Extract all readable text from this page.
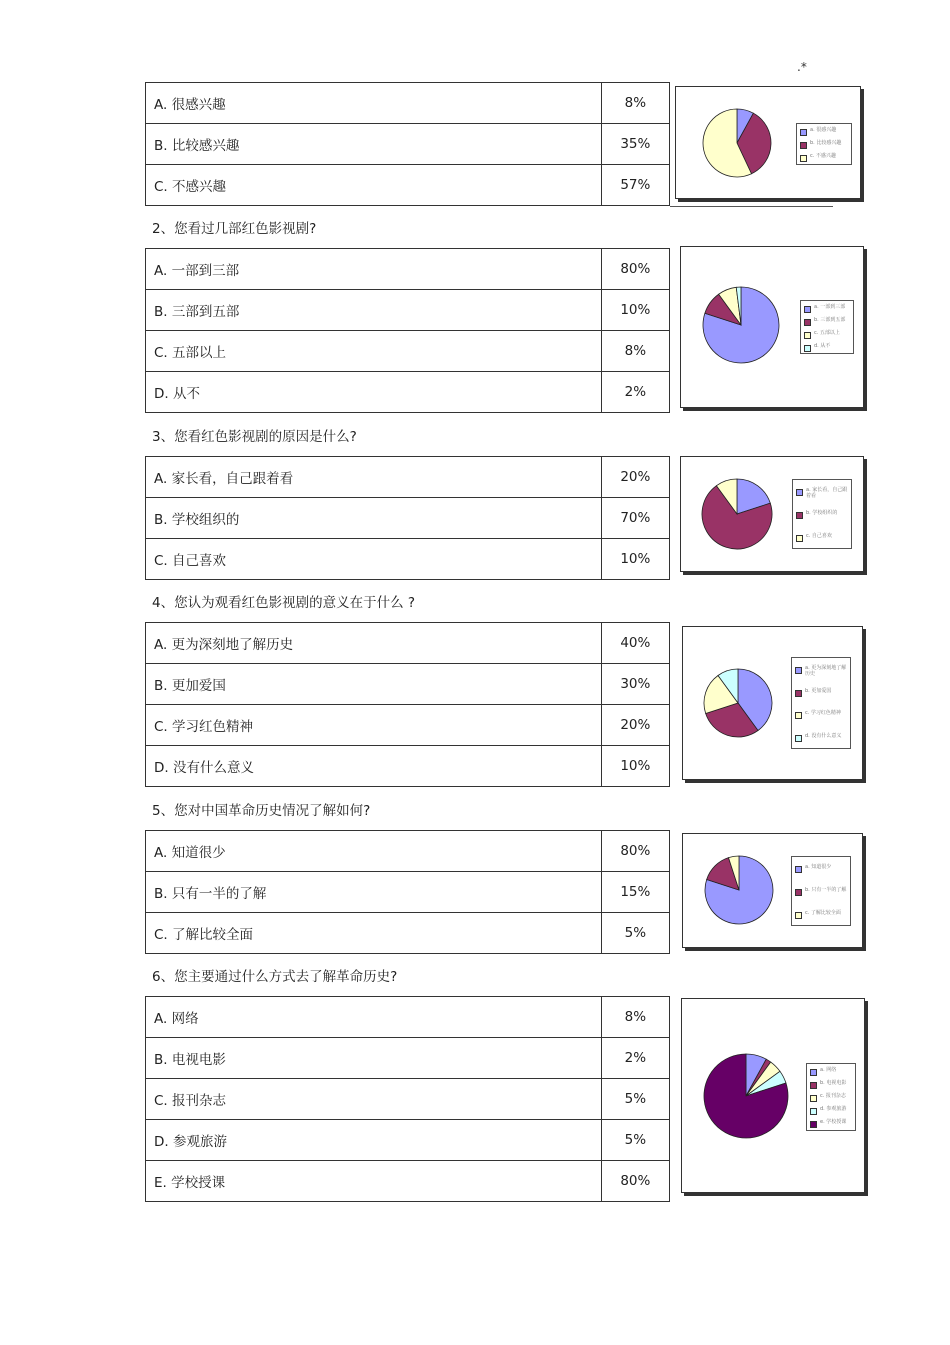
.*
A. 很感兴趣	8%
B. 比较感兴趣	35%
C. 不感兴趣	57%
a. 很感兴趣
b. 比较感兴趣
c. 不感兴趣
2、您看过几部红色影视剧?
A. 一部到三部	80%
B. 三部到五部	10%
C. 五部以上	8%
D. 从不	2%
a. 一部到三部
b. 三部到五部
c. 五部以上
d. 从不
3、您看红色影视剧的原因是什么?
A. 家长看，自己跟着看	20%
B. 学校组织的	70%
C. 自己喜欢	10%
a. 家长看，自己跟着看
b. 学校组织的
c. 自己喜欢
4、您认为观看红色影视剧的意义在于什么 ?
A. 更为深刻地了解历史	40%
B. 更加爱国	30%
C. 学习红色精神	20%
D. 没有什么意义	10%
a. 更为深刻地了解历史
b. 更加爱国
c. 学习红色精神
d. 没有什么意义
5、您对中国革命历史情况了解如何?
A. 知道很少	80%
B. 只有一半的了解	15%
C. 了解比较全面	5%
a. 知道很少
b. 只有一半的了解
c. 了解比较全面
6、您主要通过什么方式去了解革命历史?
A. 网络	8%
B. 电视电影	2%
C. 报刊杂志	5%
D. 参观旅游	5%
E. 学校授课	80%
a. 网络
b. 电视电影
c. 报刊杂志
d. 参观旅游
e. 学校授课
